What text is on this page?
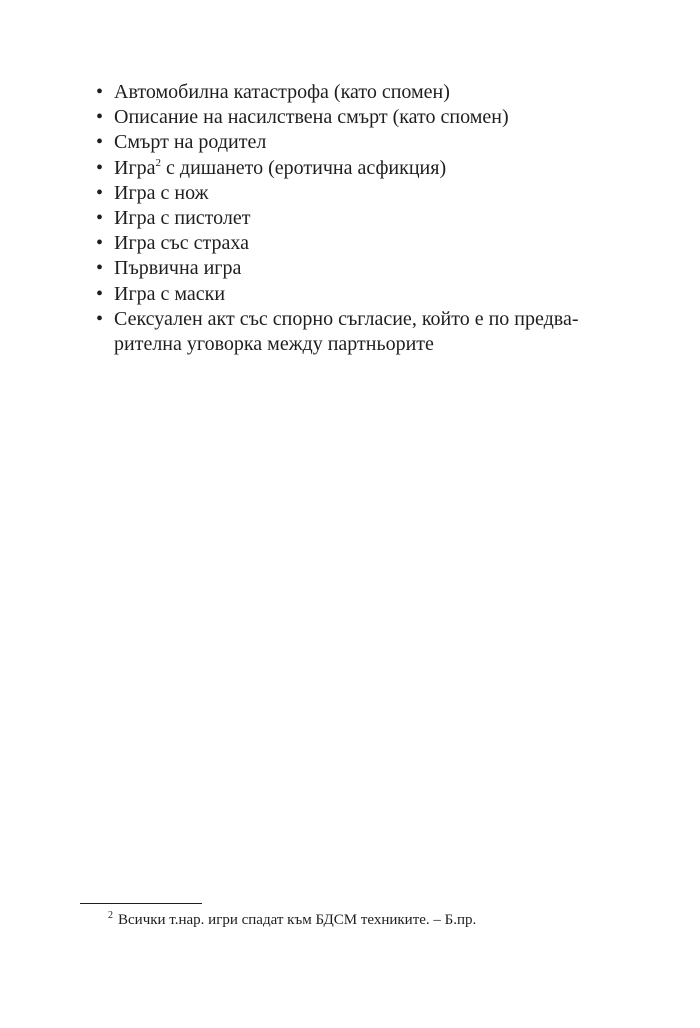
• Автомобилна катастрофа (като спомен)
• Описание на насилствена смърт (като спомен)
• Смърт на родител
• Игра$^2$ с дишането (еротична асфикция)
• Игра с нож
• Игра с пистолет
• Игра със страха
• Първична игра
• Игра с маски
• Сексуален акт със спорно съгласие, който е по предва-
рителна уговорка между партньорите
$^2$ Всички т.нар. игри спадат към БДСМ техниките. – Б.пр.
